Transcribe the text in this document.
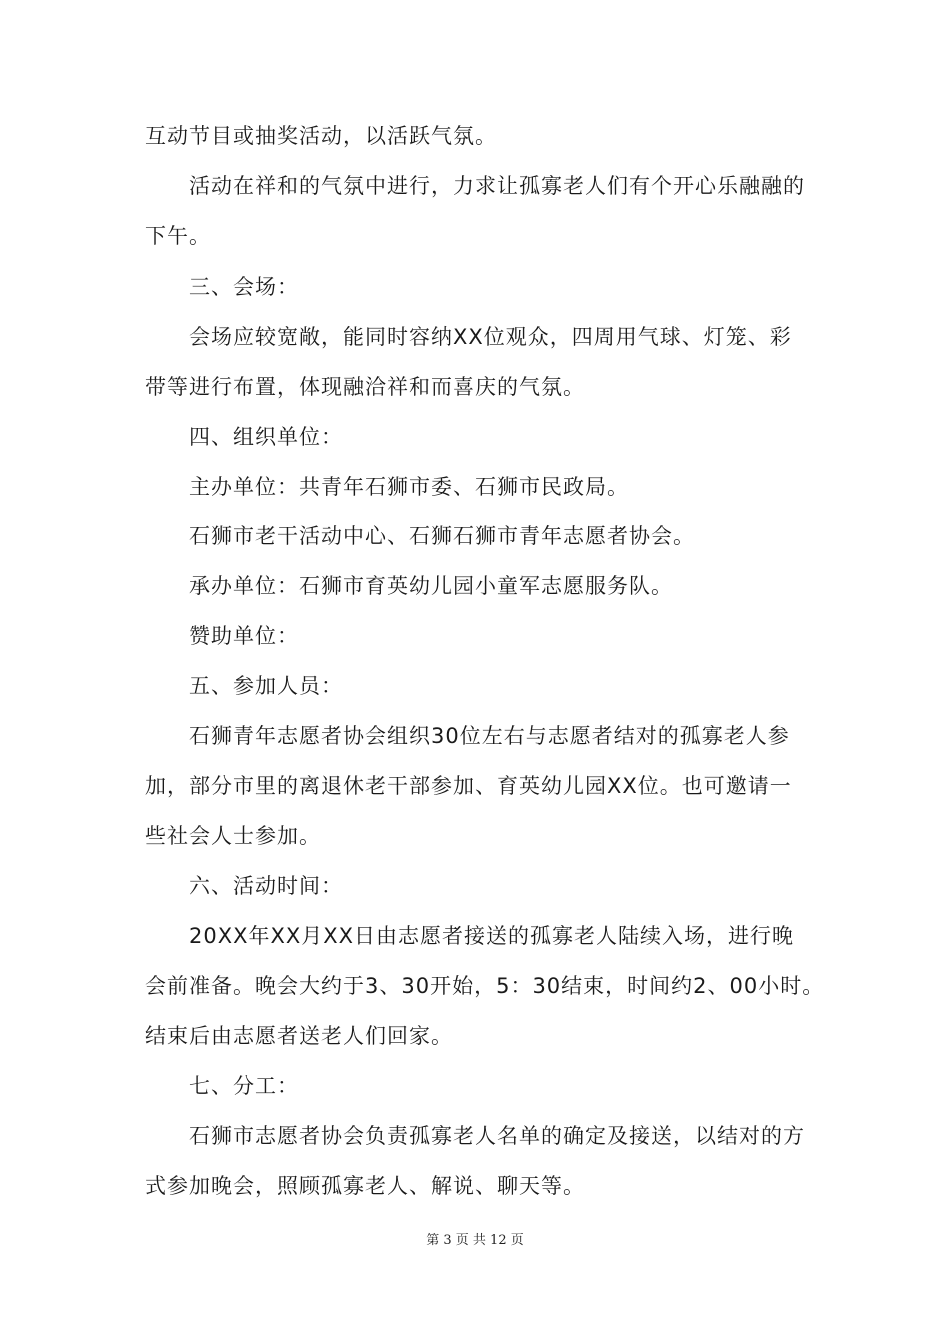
互动节目或抽奖活动，以活跃气氛。
活动在祥和的气氛中进行，力求让孤寡老人们有个开心乐融融的
下午。
三、会场：
会场应较宽敞，能同时容纳XX位观众，四周用气球、灯笼、彩
带等进行布置，体现融洽祥和而喜庆的气氛。
四、组织单位：
主办单位：共青年石狮市委、石狮市民政局。
石狮市老干活动中心、石狮石狮市青年志愿者协会。
承办单位：石狮市育英幼儿园小童军志愿服务队。
赞助单位：
五、参加人员：
石狮青年志愿者协会组织30位左右与志愿者结对的孤寡老人参
加，部分市里的离退休老干部参加、育英幼儿园XX位。也可邀请一
些社会人士参加。
六、活动时间：
20XX年XX月XX日由志愿者接送的孤寡老人陆续入场，进行晚
会前准备。晚会大约于3、30开始，5：30结束，时间约2、00小时。
结束后由志愿者送老人们回家。
七、分工：
石狮市志愿者协会负责孤寡老人名单的确定及接送，以结对的方
式参加晚会，照顾孤寡老人、解说、聊天等。
第 3 页 共 12 页
